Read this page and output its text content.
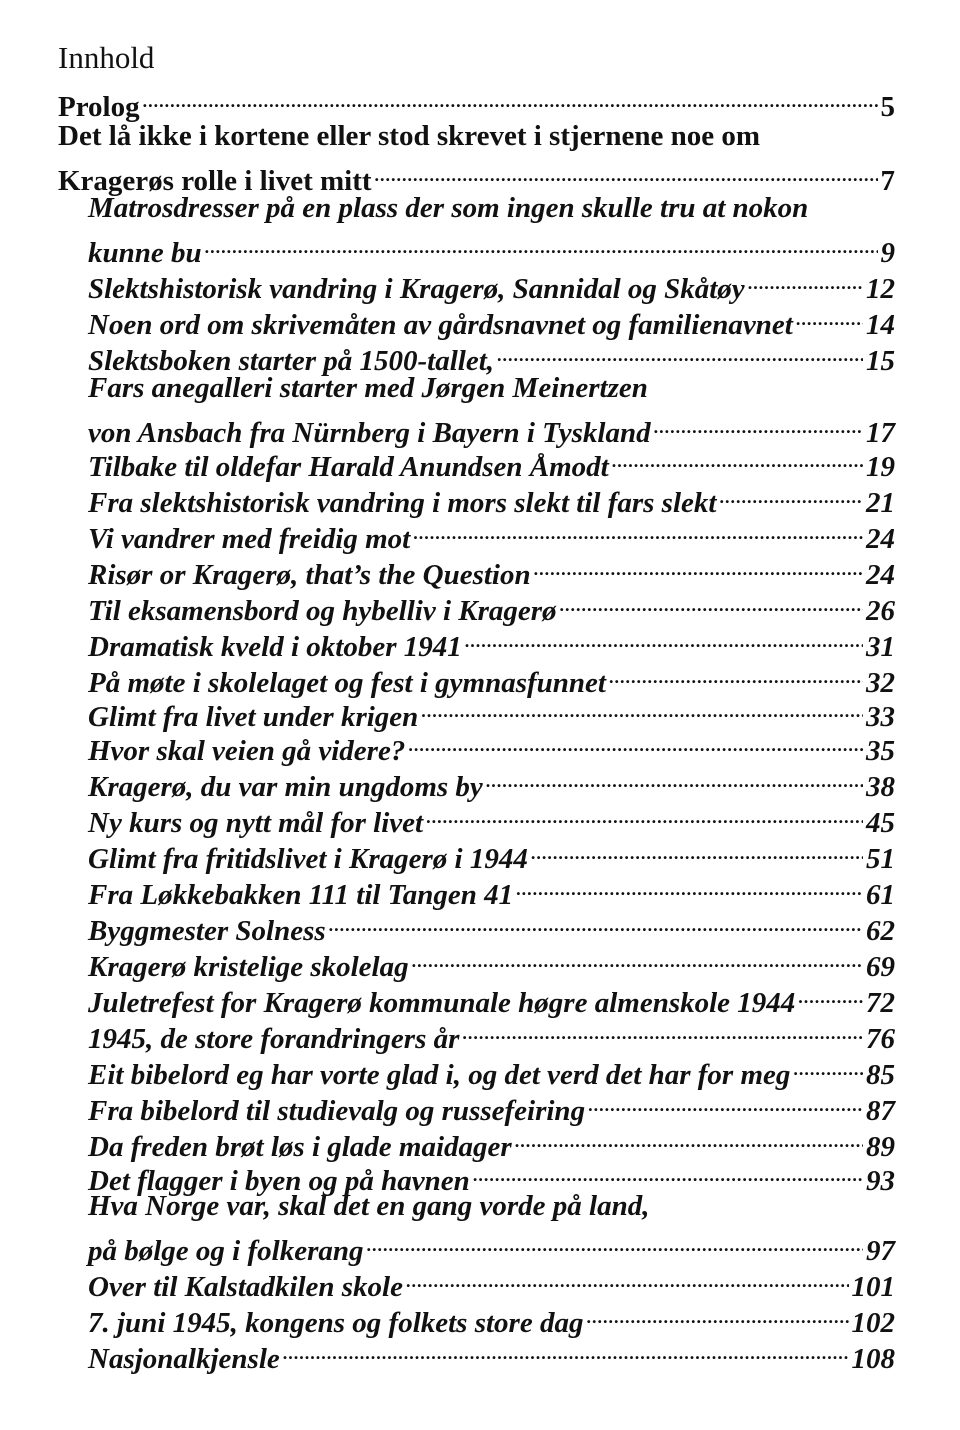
Innhold
Prolog .....	5
Det lå ikke i kortene eller stod skrevet i stjernene noe om
Kragerøs rolle i livet mitt .....	7
Matrosdresser på en plass der som ingen skulle tru at nokon
kunne bu .....	9
Slektshistorisk vandring i Kragerø, Sannidal og Skåtøy .....	12
Noen ord om skrivemåten av gårdsnavnet og familienavnet .....	14
Slektsboken starter på 1500-tallet, .....	15
Fars anegalleri starter med Jørgen Meinertzen
von Ansbach fra Nürnberg i Bayern i Tyskland .....	17
Tilbake til oldefar Harald Anundsen Åmodt .....	19
Fra slektshistorisk vandring i mors slekt til fars slekt .....	21
Vi vandrer med freidig mot .....	24
Risør or Kragerø, that’s the Question .....	24
Til eksamensbord og hybelliv i Kragerø .....	26
Dramatisk kveld i oktober 1941 .....	31
På møte i skolelaget og fest i gymnasfunnet .....	32
Glimt fra livet under krigen .....	33
Hvor skal veien gå videre? .....	35
Kragerø, du var min ungdoms by .....	38
Ny kurs og nytt mål for livet .....	45
Glimt fra fritidslivet i Kragerø i 1944 .....	51
Fra Løkkebakken 111 til Tangen 41 .....	61
Byggmester Solness .....	62
Kragerø kristelige skolelag .....	69
Juletrefest for Kragerø kommunale høgre almenskole 1944 ..... 72
1945, de store forandringers år .....	76
Eit bibelord eg har vorte glad i, og det verd det har for meg .....	85
Fra bibelord til studievalg og russefeiring .....	87
Da freden brøt løs i glade maidager .....	89
Det flagger i byen og på havnen .....	93
Hva Norge var, skal det en gang vorde på land,
på bølge og i folkerang .....	97
Over til Kalstadkilen skole .....	101
7. juni 1945, kongens og folkets store dag .....	102
Nasjonalkjensle .....	108
